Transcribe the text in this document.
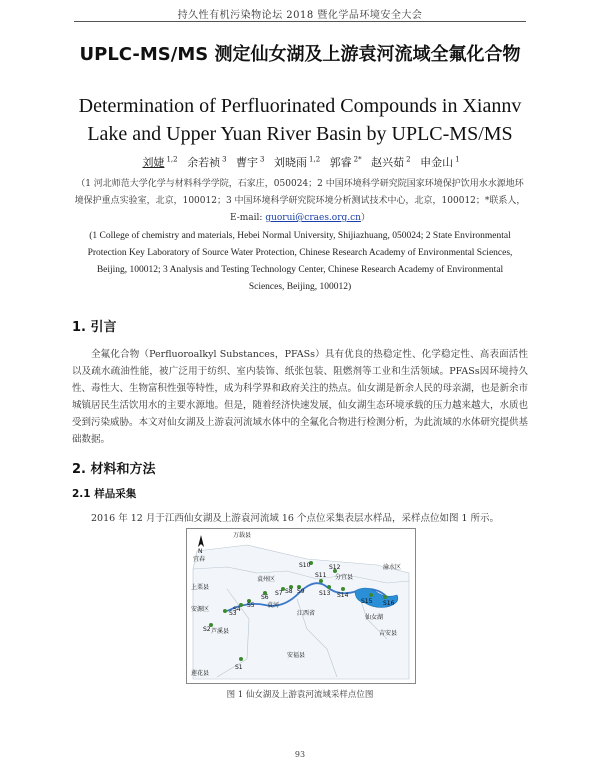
持久性有机污染物论坛 2018 暨化学品环境安全大会
UPLC-MS/MS 测定仙女湖及上游袁河流域全氟化合物
Determination of Perfluorinated Compounds in Xiannv Lake and Upper Yuan River Basin by UPLC-MS/MS
刘婕 $^{1,2}$ 余若祯 $^3$ 曹宇 $^3$ 刘晓雨 $^{1,2}$ 郭睿 $^{2*}$ 赵兴茹 $^2$ 申金山 $^1$
（1 河北师范大学化学与材料科学学院，石家庄，050024；2 中国环境科学研究院国家环境保护饮用水水源地环境保护重点实验室，北京，100012；3 中国环境科学研究院环境分析测试技术中心，北京，100012；*联系人，E-mail: guorui@craes.org.cn）
(1 College of chemistry and materials, Hebei Normal University, Shijiazhuang, 050024; 2 State Environmental Protection Key Laboratory of Source Water Protection, Chinese Research Academy of Environmental Sciences, Beijing, 100012; 3 Analysis and Testing Technology Center, Chinese Research Academy of Environmental Sciences, Beijing, 100012)
1. 引言
全氟化合物（Perfluoroalkyl Substances，PFASs）具有优良的热稳定性、化学稳定性、高表面活性以及疏水疏油性能，被广泛用于纺织、室内装饰、纸张包装、阻燃剂等工业和生活领域。PFASs因环境持久性、毒性大、生物富积性强等特性，成为科学界和政府关注的热点。仙女湖是新余人民的母亲湖，也是新余市城镇居民生活饮用水的主要水源地。但是，随着经济快速发展，仙女湖生态环境承载的压力越来越大，水质也受到污染威胁。本文对仙女湖及上游袁河流域水体中的全氟化合物进行检测分析，为此流域的水体研究提供基础数据。
2. 材料和方法
2.1 样品采集
2016 年 12 月于江西仙女湖及上游袁河流域 16 个点位采集表层水样品，采样点位如图 1 所示。
N
万载县
宜春
袁州区
上栗县
安源区
芦溪县
莲花县
安福县
吉安县
分宜县
渝水区
江西省
袁河
仙女湖
S1
S2
S3
S4
S5
S6
S7 S8 S9
S10
S11
S12
S13 S14
S15 S16
图 1 仙女湖及上游袁河流域采样点位图
93
